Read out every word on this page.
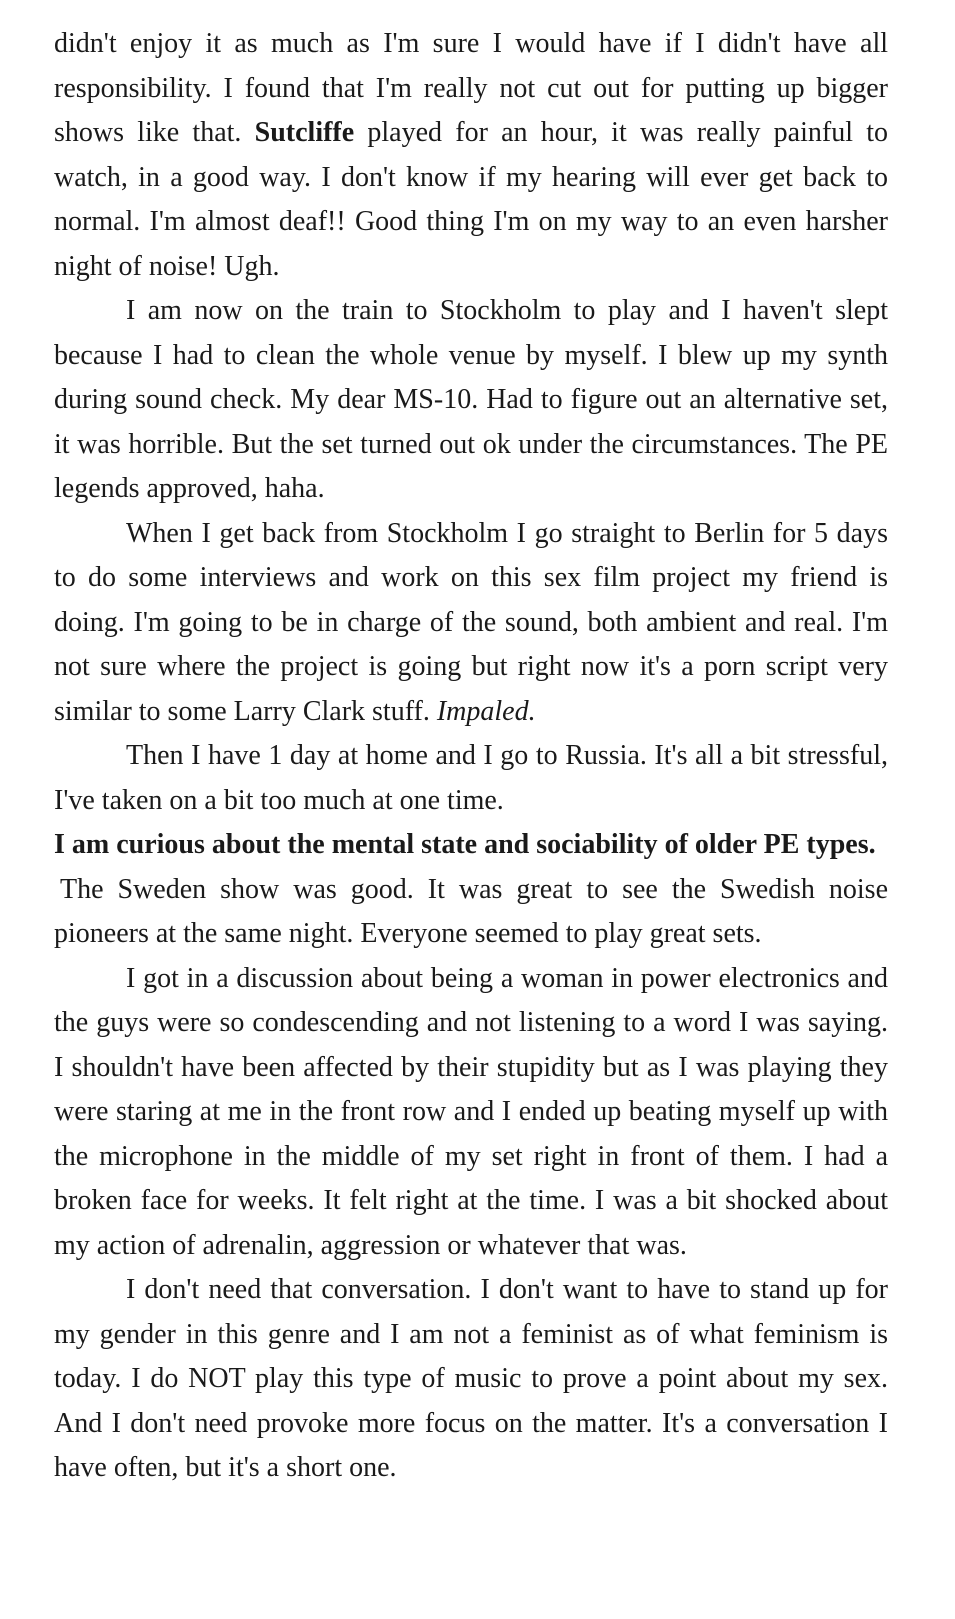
didn't enjoy it as much as I'm sure I would have if I didn't have all responsibility. I found that I'm really not cut out for putting up bigger shows like that. Sutcliffe played for an hour, it was really painful to watch, in a good way. I don't know if my hearing will ever get back to normal. I'm almost deaf!! Good thing I'm on my way to an even harsher night of noise! Ugh.

I am now on the train to Stockholm to play and I haven't slept because I had to clean the whole venue by myself. I blew up my synth during sound check. My dear MS-10. Had to figure out an alternative set, it was horrible. But the set turned out ok under the circumstances. The PE legends approved, haha.

When I get back from Stockholm I go straight to Berlin for 5 days to do some interviews and work on this sex film project my friend is doing. I'm going to be in charge of the sound, both ambient and real. I'm not sure where the project is going but right now it's a porn script very similar to some Larry Clark stuff. Impaled.

Then I have 1 day at home and I go to Russia. It's all a bit stressful, I've taken on a bit too much at one time.

I am curious about the mental state and sociability of older PE types.

The Sweden show was good. It was great to see the Swedish noise pioneers at the same night. Everyone seemed to play great sets.

I got in a discussion about being a woman in power electronics and the guys were so condescending and not listening to a word I was saying. I shouldn't have been affected by their stupidity but as I was playing they were staring at me in the front row and I ended up beating myself up with the microphone in the middle of my set right in front of them. I had a broken face for weeks. It felt right at the time. I was a bit shocked about my action of adrenalin, aggression or whatever that was.

I don't need that conversation. I don't want to have to stand up for my gender in this genre and I am not a feminist as of what feminism is today. I do NOT play this type of music to prove a point about my sex. And I don't need provoke more focus on the matter. It's a conversation I have often, but it's a short one.
